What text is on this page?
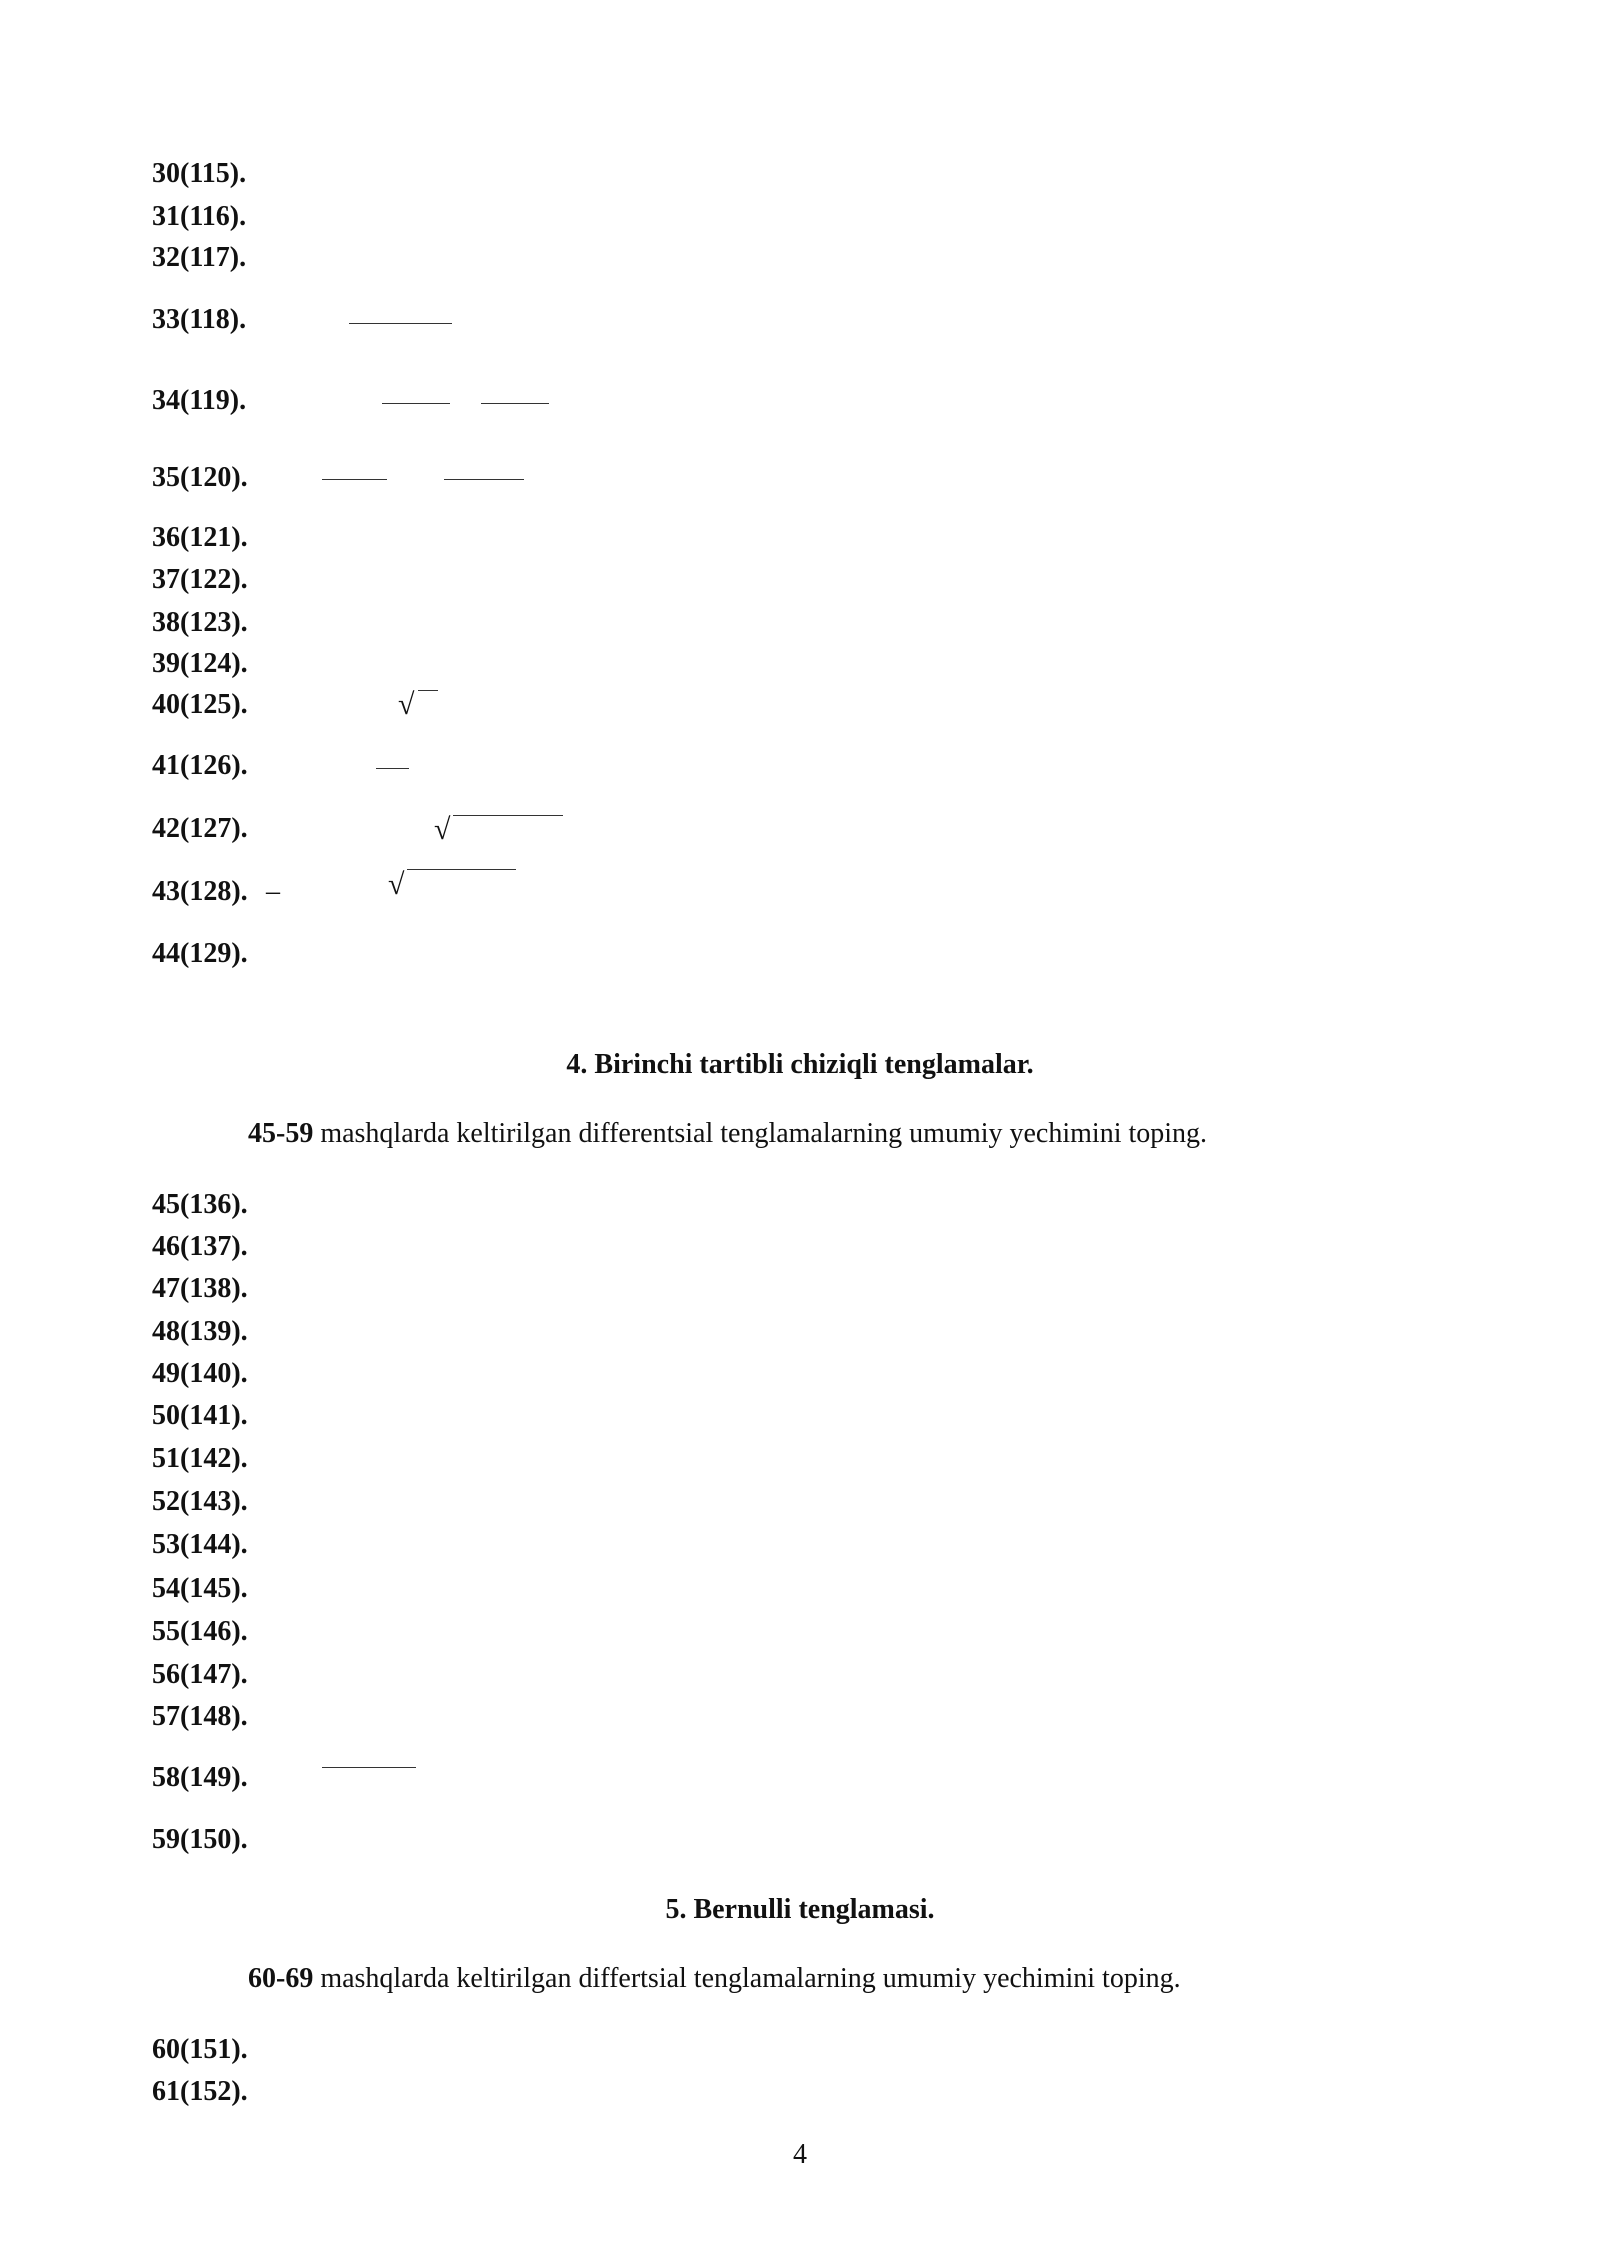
30(115).
31(116).
32(117).
33(118).
34(119).
35(120).
36(121).
37(122).
38(123).
39(124).
40(125).	√
41(126).
42(127).	√
43(128). –	√
44(129).
4. Birinchi tartibli chiziqli tenglamalar.
45-59 mashqlarda keltirilgan differentsial tenglamalarning umumiy yechimini toping.
45(136).
46(137).
47(138).
48(139).
49(140).
50(141).
51(142).
52(143).
53(144).
54(145).
55(146).
56(147).
57(148).
58(149).
59(150).
5. Bernulli tenglamasi.
60-69 mashqlarda keltirilgan differtsial tenglamalarning umumiy yechimini toping.
60(151).
61(152).
4
